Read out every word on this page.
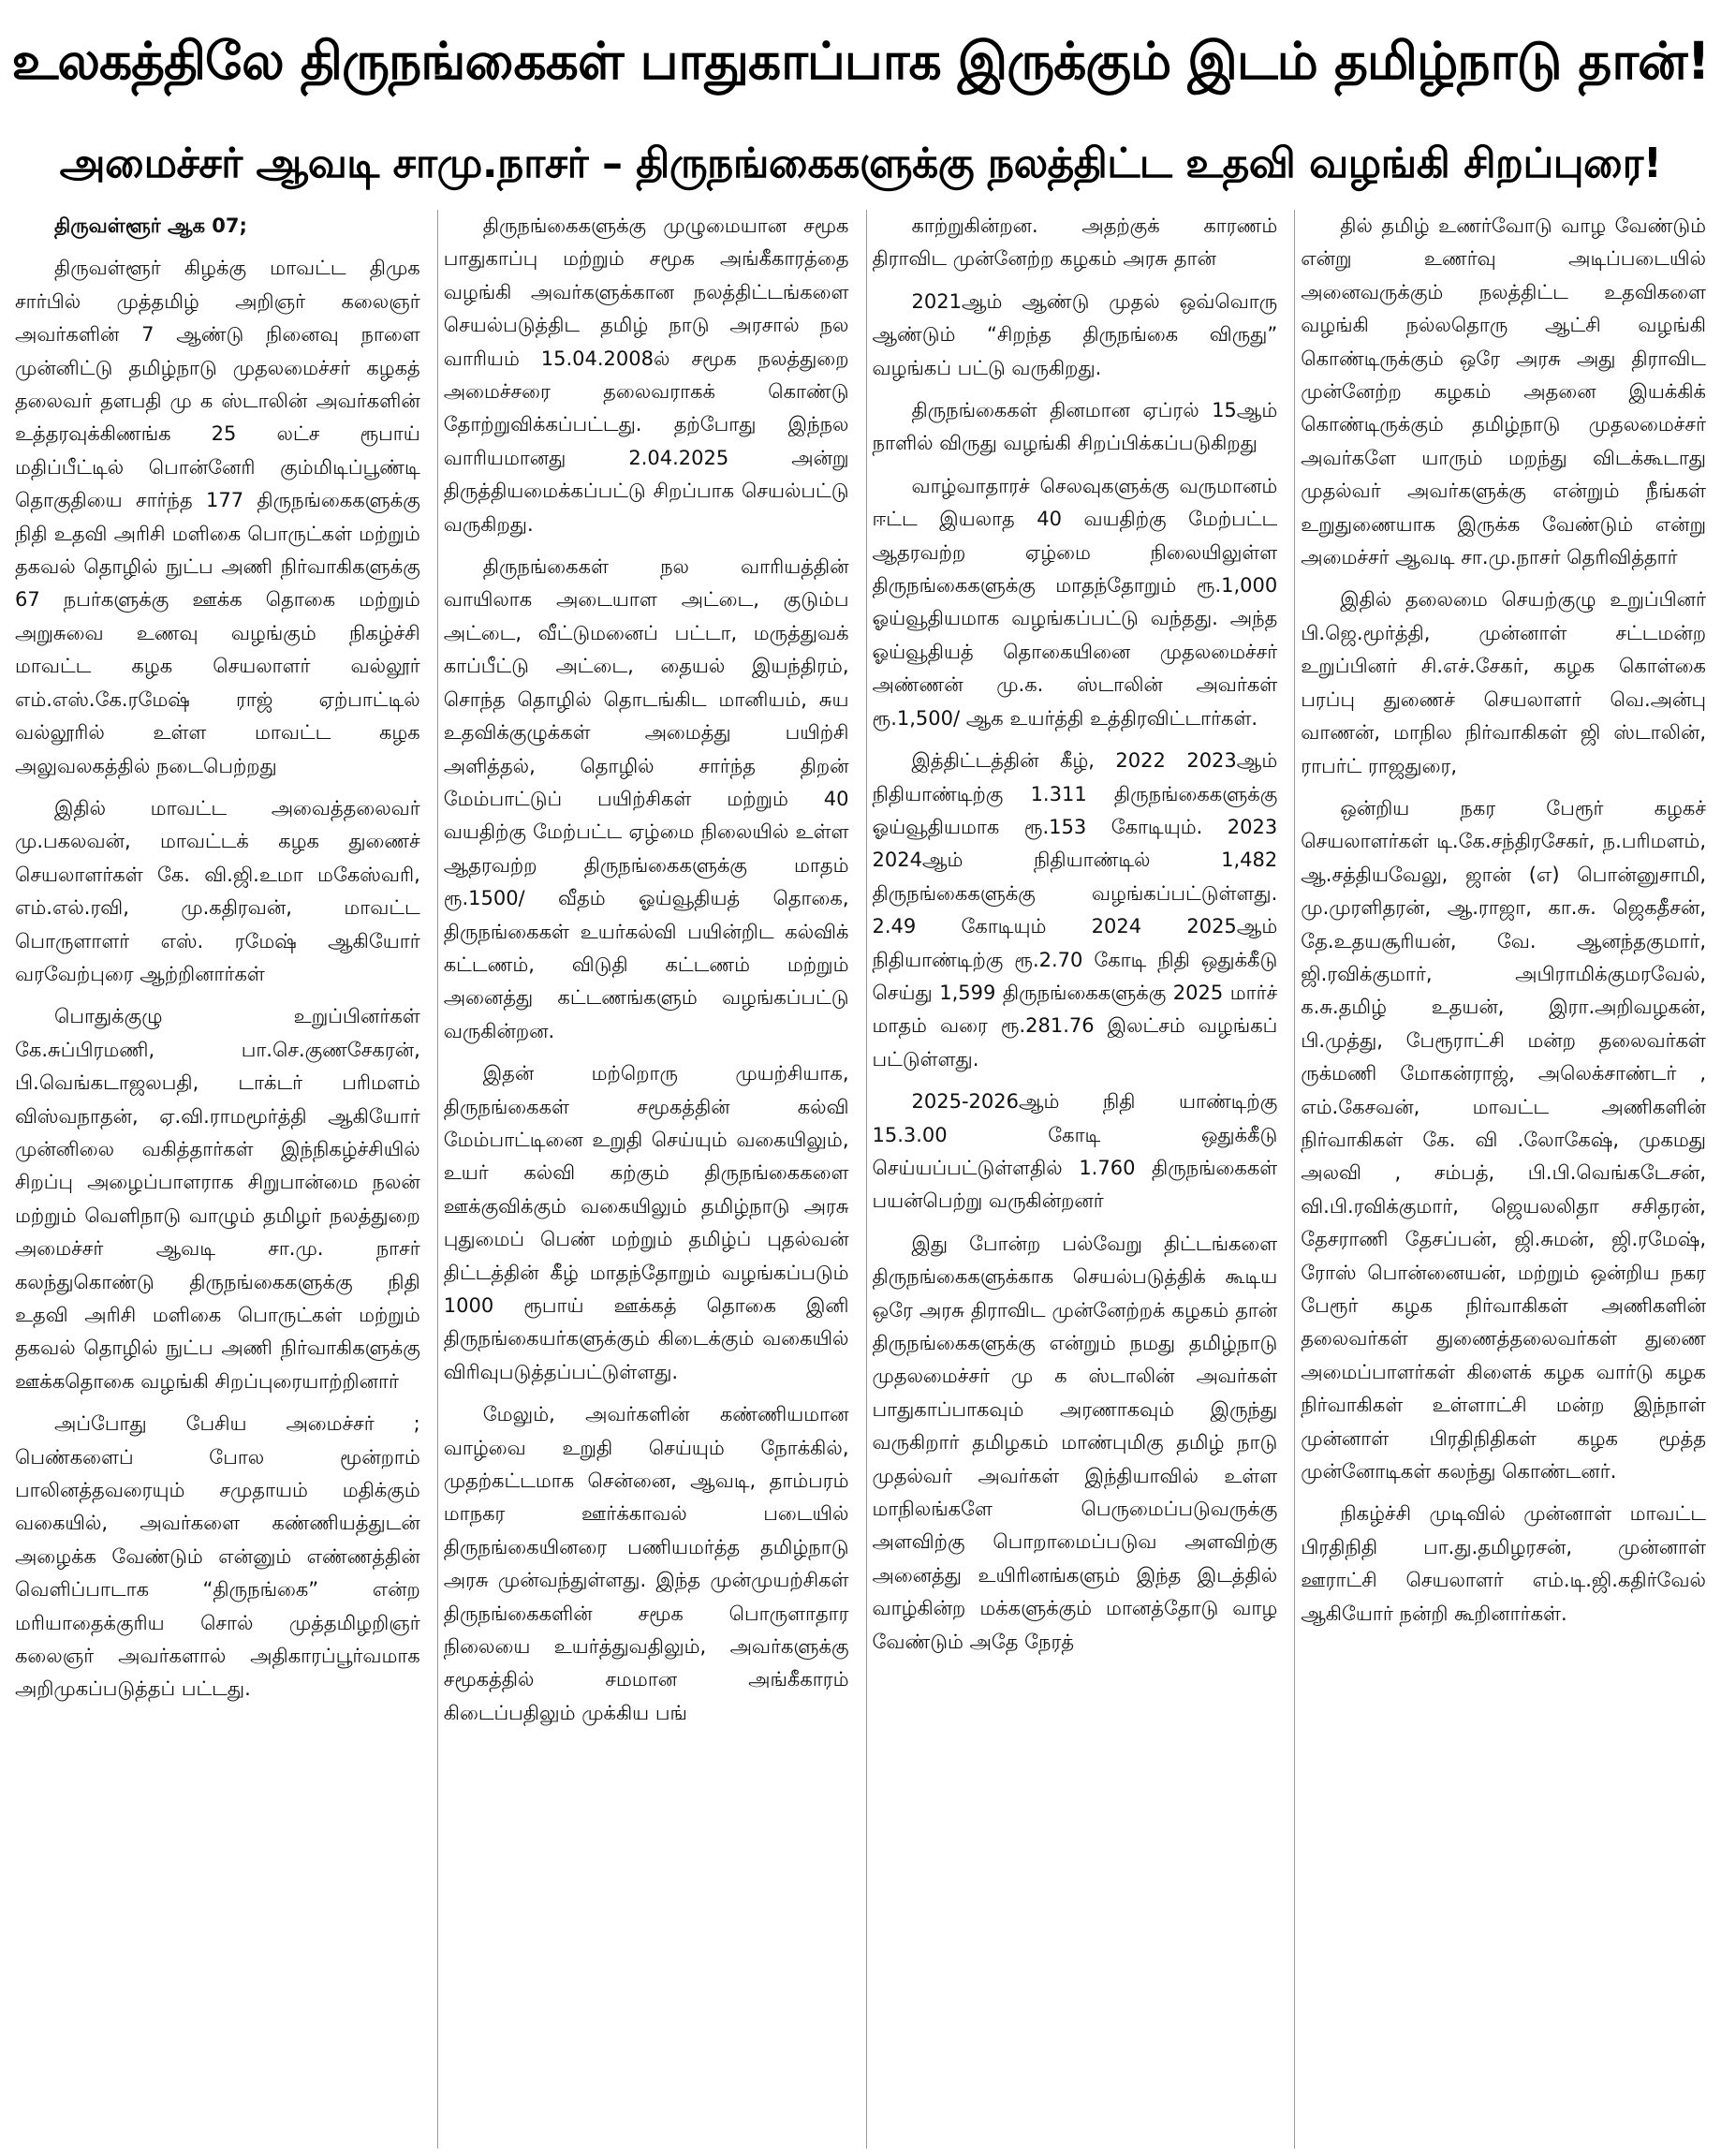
உலகத்திலே திருநங்கைகள் பாதுகாப்பாக இருக்கும் இடம் தமிழ்நாடு தான்!
அமைச்சர் ஆவடி சாமு.நாசர் – திருநங்கைகளுக்கு நலத்திட்ட உதவி வழங்கி சிறப்புரை!

திருவள்ளூர் ஆக 07;

திருவள்ளூர் கிழக்கு மாவட்ட திமுக சார்பில் முத்தமிழ் அறிஞர் கலைஞர் அவர்களின் 7 ஆண்டு நினைவு நாளை முன்னிட்டு தமிழ்நாடு முதலமைச்சர் கழகத் தலைவர் தளபதி மு க ஸ்டாலின் அவர்களின் உத்தரவுக்கிணங்க 25 லட்ச ரூபாய் மதிப்பீட்டில் பொன்னேரி கும்மிடிப்பூண்டி தொகுதியை சார்ந்த 177 திருநங்கைகளுக்கு நிதி உதவி அரிசி மளிகை பொருட்கள் மற்றும் தகவல் தொழில் நுட்ப அணி நிர்வாகிகளுக்கு 67 நபர்களுக்கு ஊக்க தொகை மற்றும் அறுசுவை உணவு வழங்கும் நிகழ்ச்சி மாவட்ட கழக செயலாளர் வல்லூர் எம்.எஸ்.கே.ரமேஷ் ராஜ் ஏற்பாட்டில் வல்லூரில் உள்ள மாவட்ட கழக அலுவலகத்தில் நடைபெற்றது

இதில் மாவட்ட அவைத்தலைவர் மு.பகலவன், மாவட்டக் கழக துணைச் செயலாளர்கள் கே. வி.ஜி.உமா மகேஸ்வரி, எம்.எல்.ரவி, மு.கதிரவன், மாவட்ட பொருளாளர் எஸ். ரமேஷ் ஆகியோர் வரவேற்புரை ஆற்றினார்கள்

பொதுக்குழு உறுப்பினர்கள் கே.சுப்பிரமணி, பா.செ.குணசேகரன், பி.வெங்கடாஜலபதி, டாக்டர் பரிமளம் விஸ்வநாதன், ஏ.வி.ராமமூர்த்தி ஆகியோர் முன்னிலை வகித்தார்கள் இந்நிகழ்ச்சியில் சிறப்பு அழைப்பாளராக சிறுபான்மை நலன் மற்றும் வெளிநாடு வாழும் தமிழர் நலத்துறை அமைச்சர் ஆவடி சா.மு. நாசர் கலந்துகொண்டு திருநங்கைகளுக்கு நிதி உதவி அரிசி மளிகை பொருட்கள் மற்றும் தகவல் தொழில் நுட்ப அணி நிர்வாகிகளுக்கு ஊக்கதொகை வழங்கி சிறப்புரையாற்றினார்

அப்போது பேசிய அமைச்சர் ; பெண்களைப் போல மூன்றாம் பாலினத்தவரையும் சமுதாயம் மதிக்கும் வகையில், அவர்களை கண்ணியத்துடன் அழைக்க வேண்டும் என்னும் எண்ணத்தின் வெளிப்பாடாக “திருநங்கை” என்ற மரியாதைக்குரிய சொல் முத்தமிழறிஞர் கலைஞர் அவர்களால் அதிகாரப்பூர்வமாக அறிமுகப்படுத்தப் பட்டது.

திருநங்கைகளுக்கு முழுமையான சமூக பாதுகாப்பு மற்றும் சமூக அங்கீகாரத்தை வழங்கி அவர்களுக்கான நலத்திட்டங்களை செயல்படுத்திட தமிழ் நாடு அரசால் நல வாரியம் 15.04.2008ல் சமூக நலத்துறை அமைச்சரை தலைவராகக் கொண்டு தோற்றுவிக்கப்பட்டது. தற்போது இந்நல வாரியமானது 2.04.2025 அன்று திருத்தியமைக்கப்பட்டு சிறப்பாக செயல்பட்டு வருகிறது.

திருநங்கைகள் நல வாரியத்தின் வாயிலாக அடையாள அட்டை, குடும்ப அட்டை, வீட்டுமனைப் பட்டா, மருத்துவக் காப்பீட்டு அட்டை, தையல் இயந்திரம், சொந்த தொழில் தொடங்கிட மானியம், சுய உதவிக்குழுக்கள் அமைத்து பயிற்சி அளித்தல், தொழில் சார்ந்த திறன் மேம்பாட்டுப் பயிற்சிகள் மற்றும் 40 வயதிற்கு மேற்பட்ட ஏழ்மை நிலையில் உள்ள ஆதரவற்ற திருநங்கைகளுக்கு மாதம் ரூ.1500/ வீதம் ஓய்வூதியத் தொகை, திருநங்கைகள் உயர்கல்வி பயின்றிட கல்விக் கட்டணம், விடுதி கட்டணம் மற்றும் அனைத்து கட்டணங்களும் வழங்கப்பட்டு வருகின்றன.

இதன் மற்றொரு முயற்சியாக, திருநங்கைகள் சமூகத்தின் கல்வி மேம்பாட்டினை உறுதி செய்யும் வகையிலும், உயர் கல்வி கற்கும் திருநங்கைகளை ஊக்குவிக்கும் வகையிலும் தமிழ்நாடு அரசு புதுமைப் பெண் மற்றும் தமிழ்ப் புதல்வன் திட்டத்தின் கீழ் மாதந்தோறும் வழங்கப்படும் 1000 ரூபாய் ஊக்கத் தொகை இனி திருநங்கையர்களுக்கும் கிடைக்கும் வகையில் விரிவுபடுத்தப்பட்டுள்ளது.

மேலும், அவர்களின் கண்ணியமான வாழ்வை உறுதி செய்யும் நோக்கில், முதற்கட்டமாக சென்னை, ஆவடி, தாம்பரம் மாநகர ஊர்க்காவல் படையில் திருநங்கையினரை பணியமர்த்த தமிழ்நாடு அரசு முன்வந்துள்ளது. இந்த முன்முயற்சிகள் திருநங்கைகளின் சமூக பொருளாதார நிலையை உயர்த்துவதிலும், அவர்களுக்கு சமூகத்தில் சமமான அங்கீகாரம் கிடைப்பதிலும் முக்கிய பங்

காற்றுகின்றன. அதற்குக் காரணம் திராவிட முன்னேற்ற கழகம் அரசு தான்

2021ஆம் ஆண்டு முதல் ஒவ்வொரு ஆண்டும் “சிறந்த திருநங்கை விருது” வழங்கப் பட்டு வருகிறது.

திருநங்கைகள் தினமான ஏப்ரல் 15ஆம் நாளில் விருது வழங்கி சிறப்பிக்கப்படுகிறது

வாழ்வாதாரச் செலவுகளுக்கு வருமானம் ஈட்ட இயலாத 40 வயதிற்கு மேற்பட்ட ஆதரவற்ற ஏழ்மை நிலையிலுள்ள திருநங்கைகளுக்கு மாதந்தோறும் ரூ.1,000 ஓய்வூதியமாக வழங்கப்பட்டு வந்தது. அந்த ஓய்வூதியத் தொகையினை முதலமைச்சர் அண்ணன் மு.க. ஸ்டாலின் அவர்கள் ரூ.1,500/ ஆக உயர்த்தி உத்திரவிட்டார்கள்.

இத்திட்டத்தின் கீழ், 2022 2023ஆம் நிதியாண்டிற்கு 1.311 திருநங்கைகளுக்கு ஓய்வூதியமாக ரூ.153 கோடியும். 2023 2024ஆம் நிதியாண்டில் 1,482 திருநங்கைகளுக்கு வழங்கப்பட்டுள்ளது. 2.49 கோடியும் 2024 2025ஆம் நிதியாண்டிற்கு ரூ.2.70 கோடி நிதி ஒதுக்கீடு செய்து 1,599 திருநங்கைகளுக்கு 2025 மார்ச் மாதம் வரை ரூ.281.76 இலட்சம் வழங்கப் பட்டுள்ளது.

2025-2026ஆம் நிதி யாண்டிற்கு 15.3.00 கோடி ஒதுக்கீடு செய்யப்பட்டுள்ளதில் 1.760 திருநங்கைகள் பயன்பெற்று வருகின்றனர்

இது போன்ற பல்வேறு திட்டங்களை திருநங்கைகளுக்காக செயல்படுத்திக் கூடிய ஒரே அரசு திராவிட முன்னேற்றக் கழகம் தான் திருநங்கைகளுக்கு என்றும் நமது தமிழ்நாடு முதலமைச்சர் மு க ஸ்டாலின் அவர்கள் பாதுகாப்பாகவும் அரணாகவும் இருந்து வருகிறார் தமிழகம் மாண்புமிகு தமிழ் நாடு முதல்வர் அவர்கள் இந்தியாவில் உள்ள மாநிலங்களே பெருமைப்படுவருக்கு அளவிற்கு பொறாமைப்படுவ அளவிற்கு அனைத்து உயிரினங்களும் இந்த இடத்தில் வாழ்கின்ற மக்களுக்கும் மானத்தோடு வாழ வேண்டும் அதே நேரத்

தில் தமிழ் உணர்வோடு வாழ வேண்டும் என்று உணர்வு அடிப்படையில் அனைவருக்கும் நலத்திட்ட உதவிகளை வழங்கி நல்லதொரு ஆட்சி வழங்கி கொண்டிருக்கும் ஒரே அரசு அது திராவிட முன்னேற்ற கழகம் அதனை இயக்கிக் கொண்டிருக்கும் தமிழ்நாடு முதலமைச்சர் அவர்களே யாரும் மறந்து விடக்கூடாது முதல்வர் அவர்களுக்கு என்றும் நீங்கள் உறுதுணையாக இருக்க வேண்டும் என்று அமைச்சர் ஆவடி சா.மு.நாசர் தெரிவித்தார்

இதில் தலைமை செயற்குழு உறுப்பினர் பி.ஜெ.மூர்த்தி, முன்னாள் சட்டமன்ற உறுப்பினர் சி.எச்.சேகர், கழக கொள்கை பரப்பு துணைச் செயலாளர் வெ.அன்பு வாணன், மாநில நிர்வாகிகள் ஜி ஸ்டாலின், ராபர்ட் ராஜதுரை,

ஒன்றிய நகர பேரூர் கழகச் செயலாளர்கள் டி.கே.சந்திரசேகர், ந.பரிமளம், ஆ.சத்தியவேலு, ஜான் (எ) பொன்னுசாமி, மு.முரளிதரன், ஆ.ராஜா, கா.சு. ஜெகதீசன், தே.உதயசூரியன், வே. ஆனந்தகுமார், ஜி.ரவிக்குமார், அபிராமிக்குமரவேல், க.சு.தமிழ் உதயன், இரா.அறிவழகன், பி.முத்து, பேரூராட்சி மன்ற தலைவர்கள் ருக்மணி மோகன்ராஜ், அலெக்சாண்டர் , எம்.கேசவன், மாவட்ட அணிகளின் நிர்வாகிகள் கே. வி .லோகேஷ், முகமது அலவி , சம்பத், பி.பி.வெங்கடேசன், வி.பி.ரவிக்குமார், ஜெயலலிதா சசிதரன், தேசராணி தேசப்பன், ஜி.சுமன், ஜி.ரமேஷ், ரோஸ் பொன்னையன், மற்றும் ஒன்றிய நகர பேரூர் கழக நிர்வாகிகள் அணிகளின் தலைவர்கள் துணைத்தலைவர்கள் துணை அமைப்பாளர்கள் கிளைக் கழக வார்டு கழக நிர்வாகிகள் உள்ளாட்சி மன்ற இந்நாள் முன்னாள் பிரதிநிதிகள் கழக மூத்த முன்னோடிகள் கலந்து கொண்டனர்.

நிகழ்ச்சி முடிவில் முன்னாள் மாவட்ட பிரதிநிதி பா.து.தமிழரசன், முன்னாள் ஊராட்சி செயலாளர் எம்.டி.ஜி.கதிர்வேல் ஆகியோர் நன்றி கூறினார்கள்.
